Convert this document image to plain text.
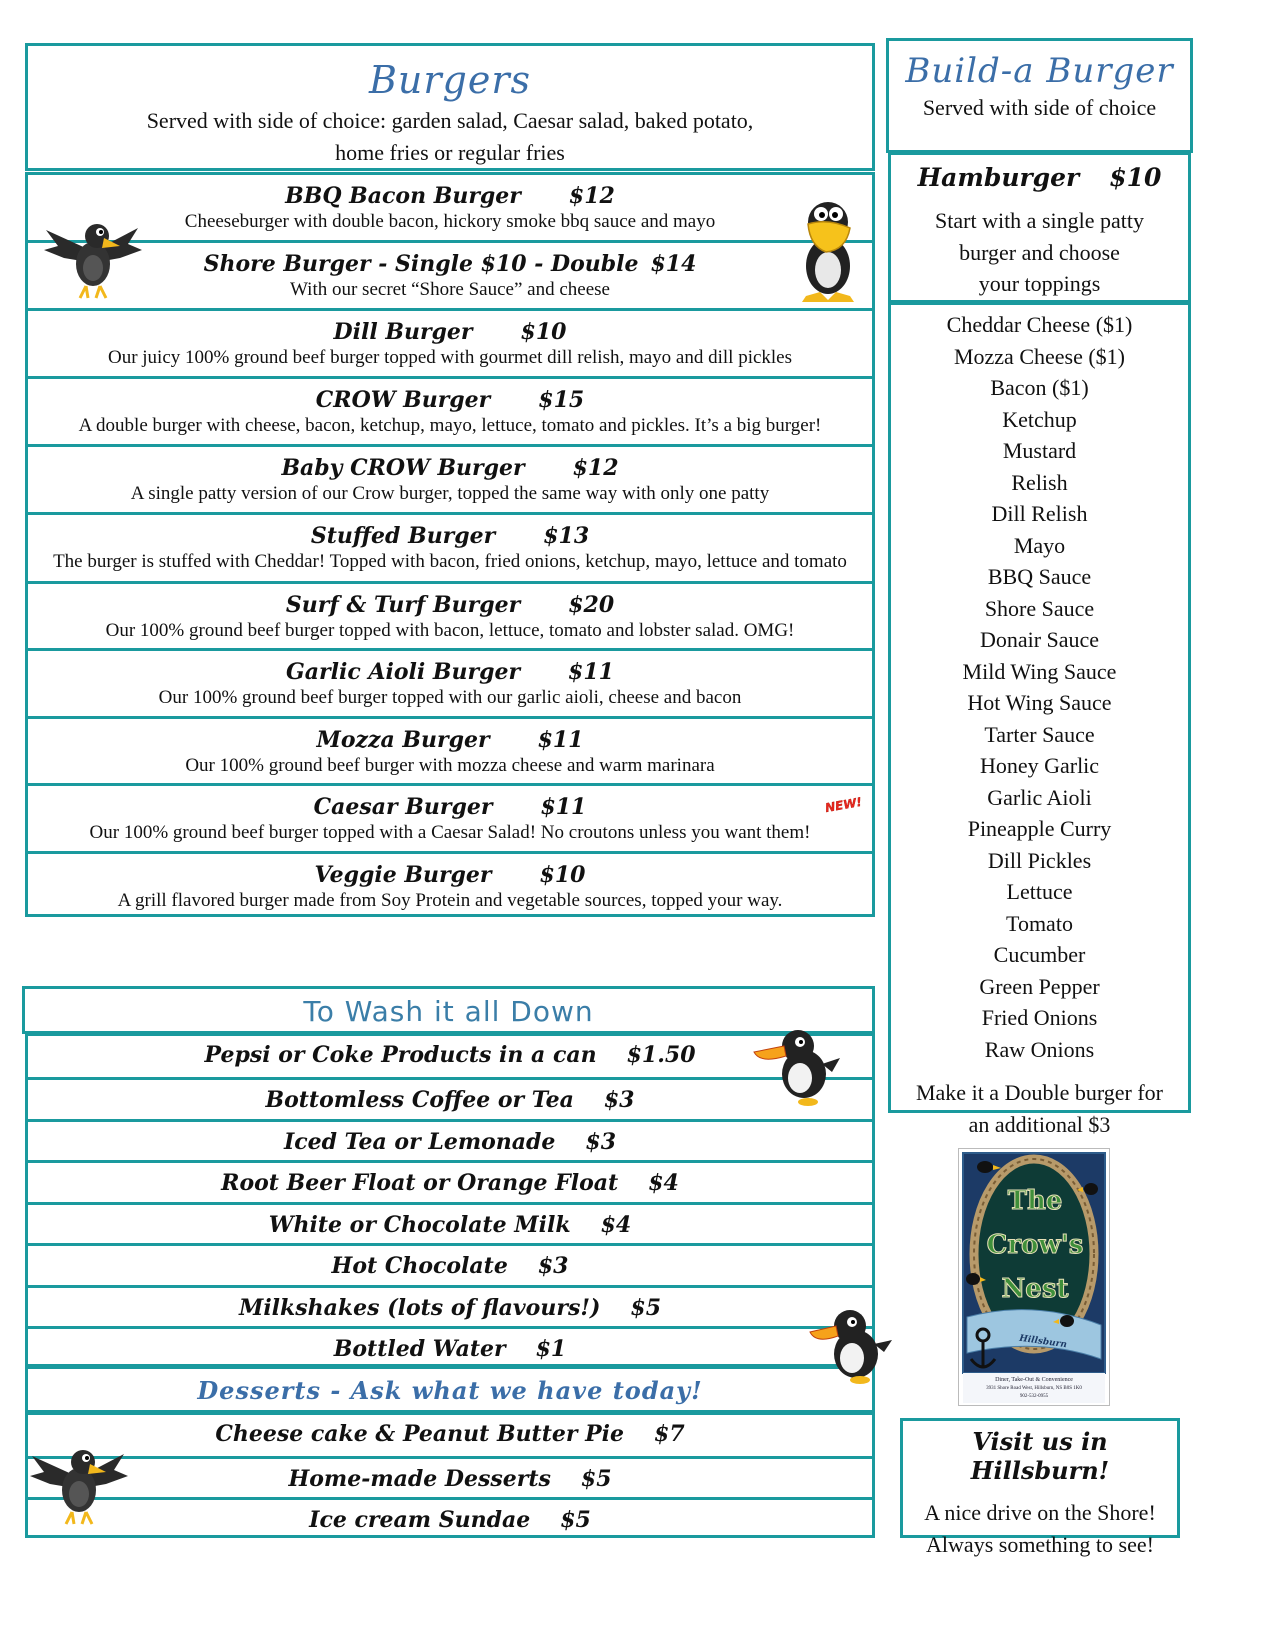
Burgers
Served with side of choice: garden salad, Caesar salad, baked potato,
home fries or regular fries
BBQ Bacon Burger $12
Cheeseburger with double bacon, hickory smoke bbq sauce and mayo
Shore Burger - Single $10 - Double $14
With our secret “Shore Sauce” and cheese
Dill Burger $10
Our juicy 100% ground beef burger topped with gourmet dill relish, mayo and dill pickles
CROW Burger $15
A double burger with cheese, bacon, ketchup, mayo, lettuce, tomato and pickles. It’s a big burger!
Baby CROW Burger $12
A single patty version of our Crow burger, topped the same way with only one patty
Stuffed Burger $13
The burger is stuffed with Cheddar! Topped with bacon, fried onions, ketchup, mayo, lettuce and tomato
Surf & Turf Burger $20
Our 100% ground beef burger topped with bacon, lettuce, tomato and lobster salad. OMG!
Garlic Aioli Burger $11
Our 100% ground beef burger topped with our garlic aioli, cheese and bacon
Mozza Burger $11
Our 100% ground beef burger with mozza cheese and warm marinara
Caesar Burger $11
Our 100% ground beef burger topped with a Caesar Salad! No croutons unless you want them!
NEW!
Veggie Burger $10
A grill flavored burger made from Soy Protein and vegetable sources, topped your way.
To Wash it all Down
Pepsi or Coke Products in a can $1.50
Bottomless Coffee or Tea $3
Iced Tea or Lemonade $3
Root Beer Float or Orange Float $4
White or Chocolate Milk $4
Hot Chocolate $3
Milkshakes (lots of flavours!) $5
Bottled Water $1
Desserts - Ask what we have today!
Cheese cake & Peanut Butter Pie $7
Home-made Desserts $5
Ice cream Sundae $5
Build-a Burger
Served with side of choice
Hamburger $10
Start with a single patty
burger and choose
your toppings
Cheddar Cheese ($1)
Mozza Cheese ($1)
Bacon ($1)
Ketchup
Mustard
Relish
Dill Relish
Mayo
BBQ Sauce
Shore Sauce
Donair Sauce
Mild Wing Sauce
Hot Wing Sauce
Tarter Sauce
Honey Garlic
Garlic Aioli
Pineapple Curry
Dill Pickles
Lettuce
Tomato
Cucumber
Green Pepper
Fried Onions
Raw Onions
Make it a Double burger for
an additional $3
The Crow's Nest
Hillsburn
Diner, Take-Out & Convenience
3931 Shore Road West, Hillsburn, NS B0S 1K0
902-532-0955
Visit us in Hillsburn!
A nice drive on the Shore!
Always something to see!
